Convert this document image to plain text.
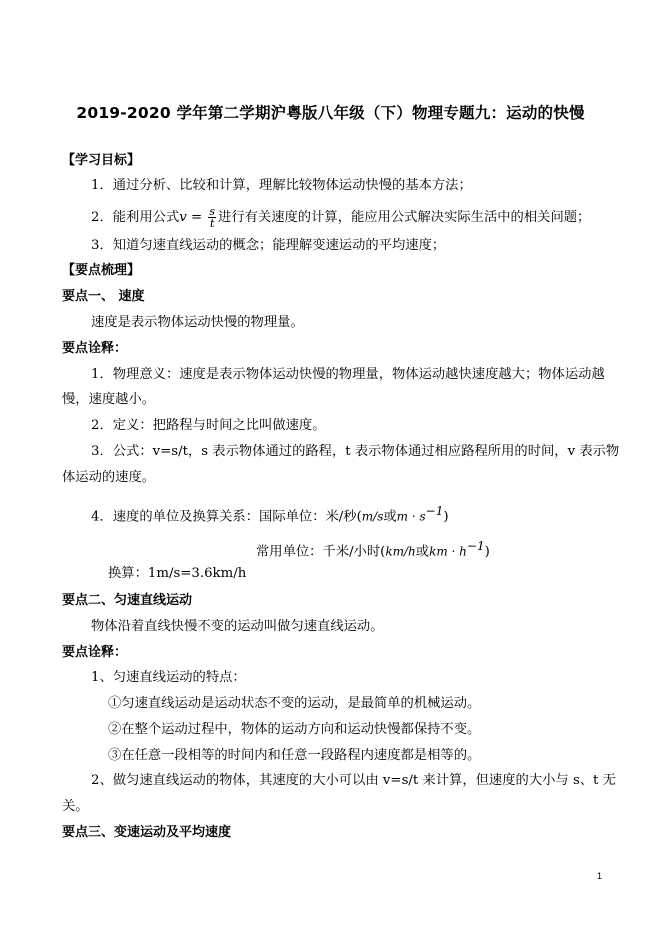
2019-2020 学年第二学期沪粤版八年级（下）物理专题九：运动的快慢
【学习目标】
1．通过分析、比较和计算，理解比较物体运动快慢的基本方法；
2．能利用公式$v = \frac{s}{t}$ 进行有关速度的计算，能应用公式解决实际生活中的相关问题；
3．知道匀速直线运动的概念；能理解变速运动的平均速度；
【要点梳理】
要点一、 速度
速度是表示物体运动快慢的物理量。
要点诠释：
1．物理意义：速度是表示物体运动快慢的物理量，物体运动越快速度越大；物体运动越
慢，速度越小。
2．定义：把路程与时间之比叫做速度。
3．公式：v=s/t，s 表示物体通过的路程，t 表示物体通过相应路程所用的时间，v 表示物
体运动的速度。
4．速度的单位及换算关系：国际单位：米/秒(m/s或$m \cdot s^{-1}$)
常用单位：千米/小时(km/h或km · $h^{-1}$)
换算：1m/s=3.6km/h
要点二、匀速直线运动
物体沿着直线快慢不变的运动叫做匀速直线运动。
要点诠释：
1、匀速直线运动的特点：
①匀速直线运动是运动状态不变的运动，是最简单的机械运动。
②在整个运动过程中，物体的运动方向和运动快慢都保持不变。
③在任意一段相等的时间内和任意一段路程内速度都是相等的。
2、做匀速直线运动的物体，其速度的大小可以由 v=s/t 来计算，但速度的大小与 s、t 无
关。
要点三、变速运动及平均速度
1
